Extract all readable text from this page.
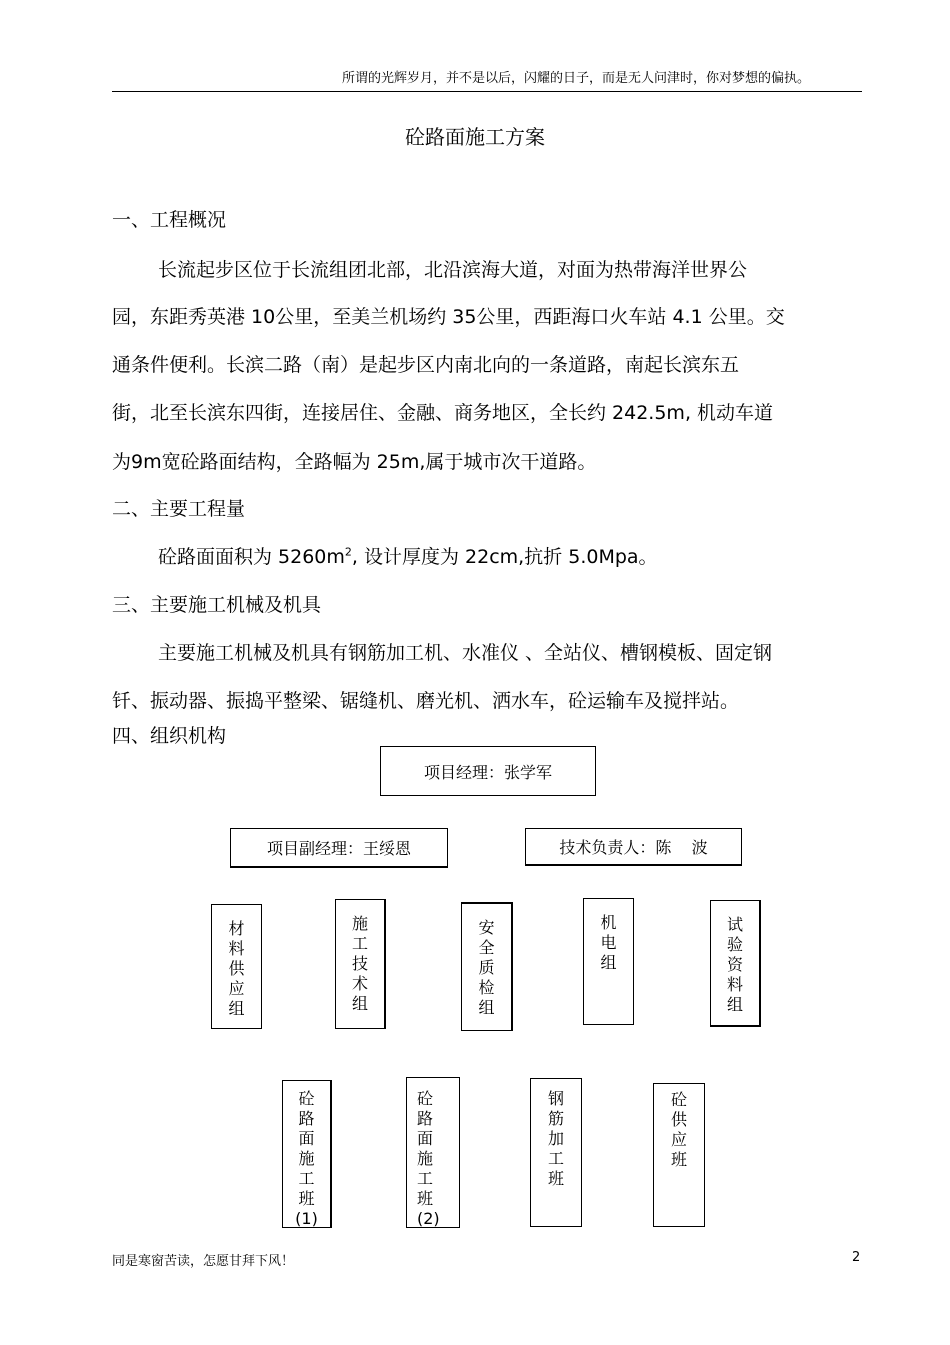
所谓的光辉岁月，并不是以后，闪耀的日子，而是无人问津时，你对梦想的偏执。
砼路面施工方案
一、工程概况
长流起步区位于长流组团北部，北沿滨海大道，对面为热带海洋世界公
园，东距秀英港 10公里，至美兰机场约 35公里，西距海口火车站 4.1 公里。交
通条件便利。长滨二路（南）是起步区内南北向的一条道路，南起长滨东五
街，北至长滨东四街，连接居住、金融、商务地区，全长约 242.5m, 机动车道
为9m宽砼路面结构，全路幅为 25m,属于城市次干道路。
二、主要工程量
砼路面面积为 $5260m^2$, 设计厚度为 22cm,抗折 5.0Mpa。
三、主要施工机械及机具
主要施工机械及机具有钢筋加工机、水准仪 、全站仪、槽钢模板、固定钢
钎、振动器、振捣平整梁、锯缝机、磨光机、洒水车，砼运输车及搅拌站。
四、组织机构
项目经理：张学军
项目副经理：王绥恩	技术负责人：陈    波
材
料
供
应
组
施
工
技
术
组
安
全
质
检
组
机
电
组
试
验
资
料
组
砼
路
面
施
工
班
(1)
砼
路
面
施
工
班
(2)
钢
筋
加
工
班
砼
供
应
班
同是寒窗苦读，怎愿甘拜下风！	2
